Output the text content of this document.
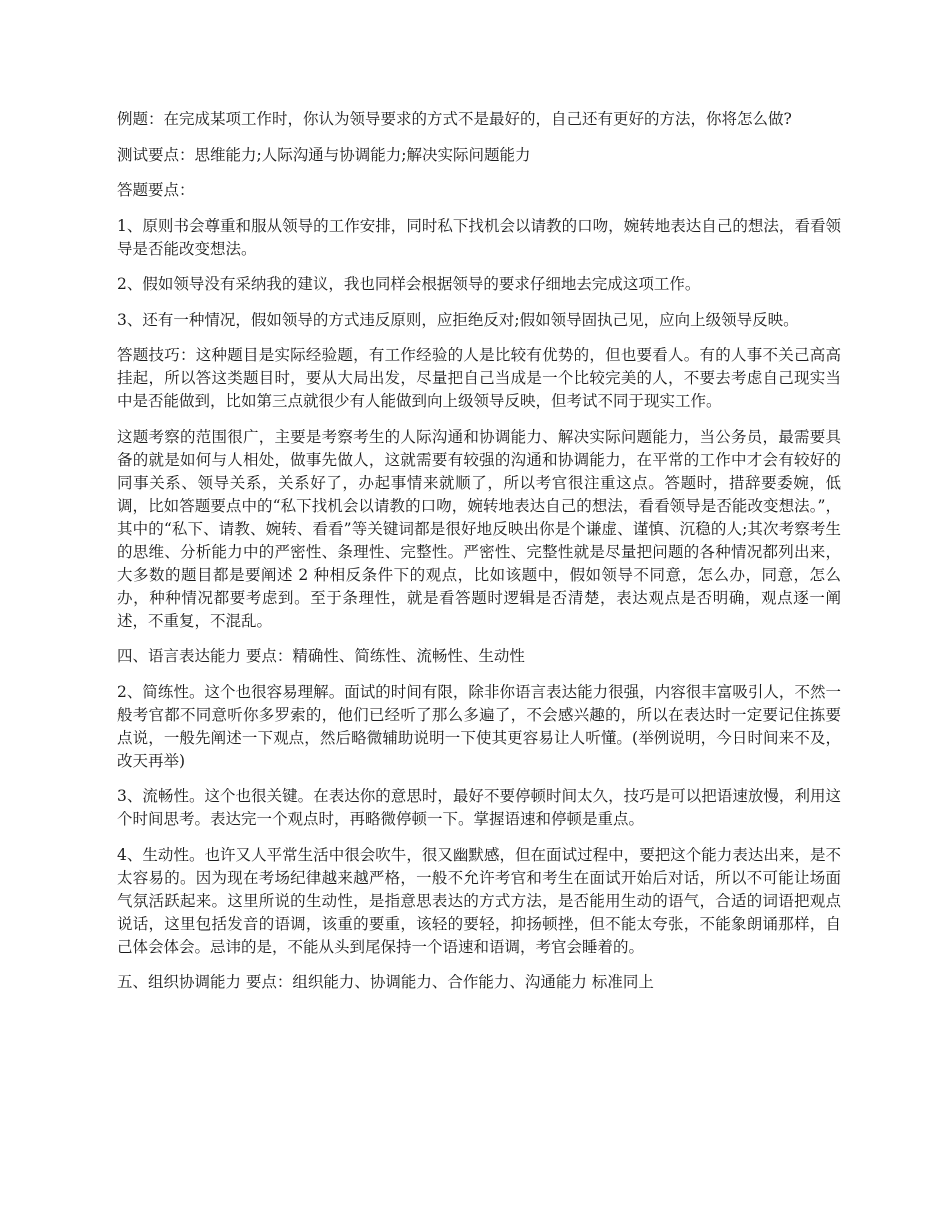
例题：在完成某项工作时，你认为领导要求的方式不是最好的，自己还有更好的方法，你将怎么做?

测试要点：思维能力;人际沟通与协调能力;解决实际问题能力

答题要点：

1、原则书会尊重和服从领导的工作安排，同时私下找机会以请教的口吻，婉转地表达自己的想法，看看领导是否能改变想法。

2、假如领导没有采纳我的建议，我也同样会根据领导的要求仔细地去完成这项工作。

3、还有一种情况，假如领导的方式违反原则，应拒绝反对;假如领导固执己见，应向上级领导反映。

答题技巧：这种题目是实际经验题，有工作经验的人是比较有优势的，但也要看人。有的人事不关己高高挂起，所以答这类题目时，要从大局出发，尽量把自己当成是一个比较完美的人，不要去考虑自己现实当中是否能做到，比如第三点就很少有人能做到向上级领导反映，但考试不同于现实工作。

这题考察的范围很广，主要是考察考生的人际沟通和协调能力、解决实际问题能力，当公务员，最需要具备的就是如何与人相处，做事先做人，这就需要有较强的沟通和协调能力，在平常的工作中才会有较好的同事关系、领导关系，关系好了，办起事情来就顺了，所以考官很注重这点。答题时，措辞要委婉，低调，比如答题要点中的“私下找机会以请教的口吻，婉转地表达自己的想法，看看领导是否能改变想法。”，其中的“私下、请教、婉转、看看”等关键词都是很好地反映出你是个谦虚、谨慎、沉稳的人;其次考察考生的思维、分析能力中的严密性、条理性、完整性。严密性、完整性就是尽量把问题的各种情况都列出来，大多数的题目都是要阐述 2 种相反条件下的观点，比如该题中，假如领导不同意，怎么办，同意，怎么办，种种情况都要考虑到。至于条理性，就是看答题时逻辑是否清楚，表达观点是否明确，观点逐一阐述，不重复，不混乱。

四、语言表达能力 要点：精确性、简练性、流畅性、生动性

2、简练性。这个也很容易理解。面试的时间有限，除非你语言表达能力很强，内容很丰富吸引人，不然一般考官都不同意听你多罗索的，他们已经听了那么多遍了，不会感兴趣的，所以在表达时一定要记住拣要点说，一般先阐述一下观点，然后略微辅助说明一下使其更容易让人听懂。(举例说明，今日时间来不及，改天再举)

3、流畅性。这个也很关键。在表达你的意思时，最好不要停顿时间太久，技巧是可以把语速放慢，利用这个时间思考。表达完一个观点时，再略微停顿一下。掌握语速和停顿是重点。

4、生动性。也许又人平常生活中很会吹牛，很又幽默感，但在面试过程中，要把这个能力表达出来，是不太容易的。因为现在考场纪律越来越严格，一般不允许考官和考生在面试开始后对话，所以不可能让场面气氛活跃起来。这里所说的生动性，是指意思表达的方式方法，是否能用生动的语气，合适的词语把观点说话，这里包括发音的语调，该重的要重，该轻的要轻，抑扬顿挫，但不能太夸张，不能象朗诵那样，自己体会体会。忌讳的是，不能从头到尾保持一个语速和语调，考官会睡着的。

五、组织协调能力 要点：组织能力、协调能力、合作能力、沟通能力 标准同上
